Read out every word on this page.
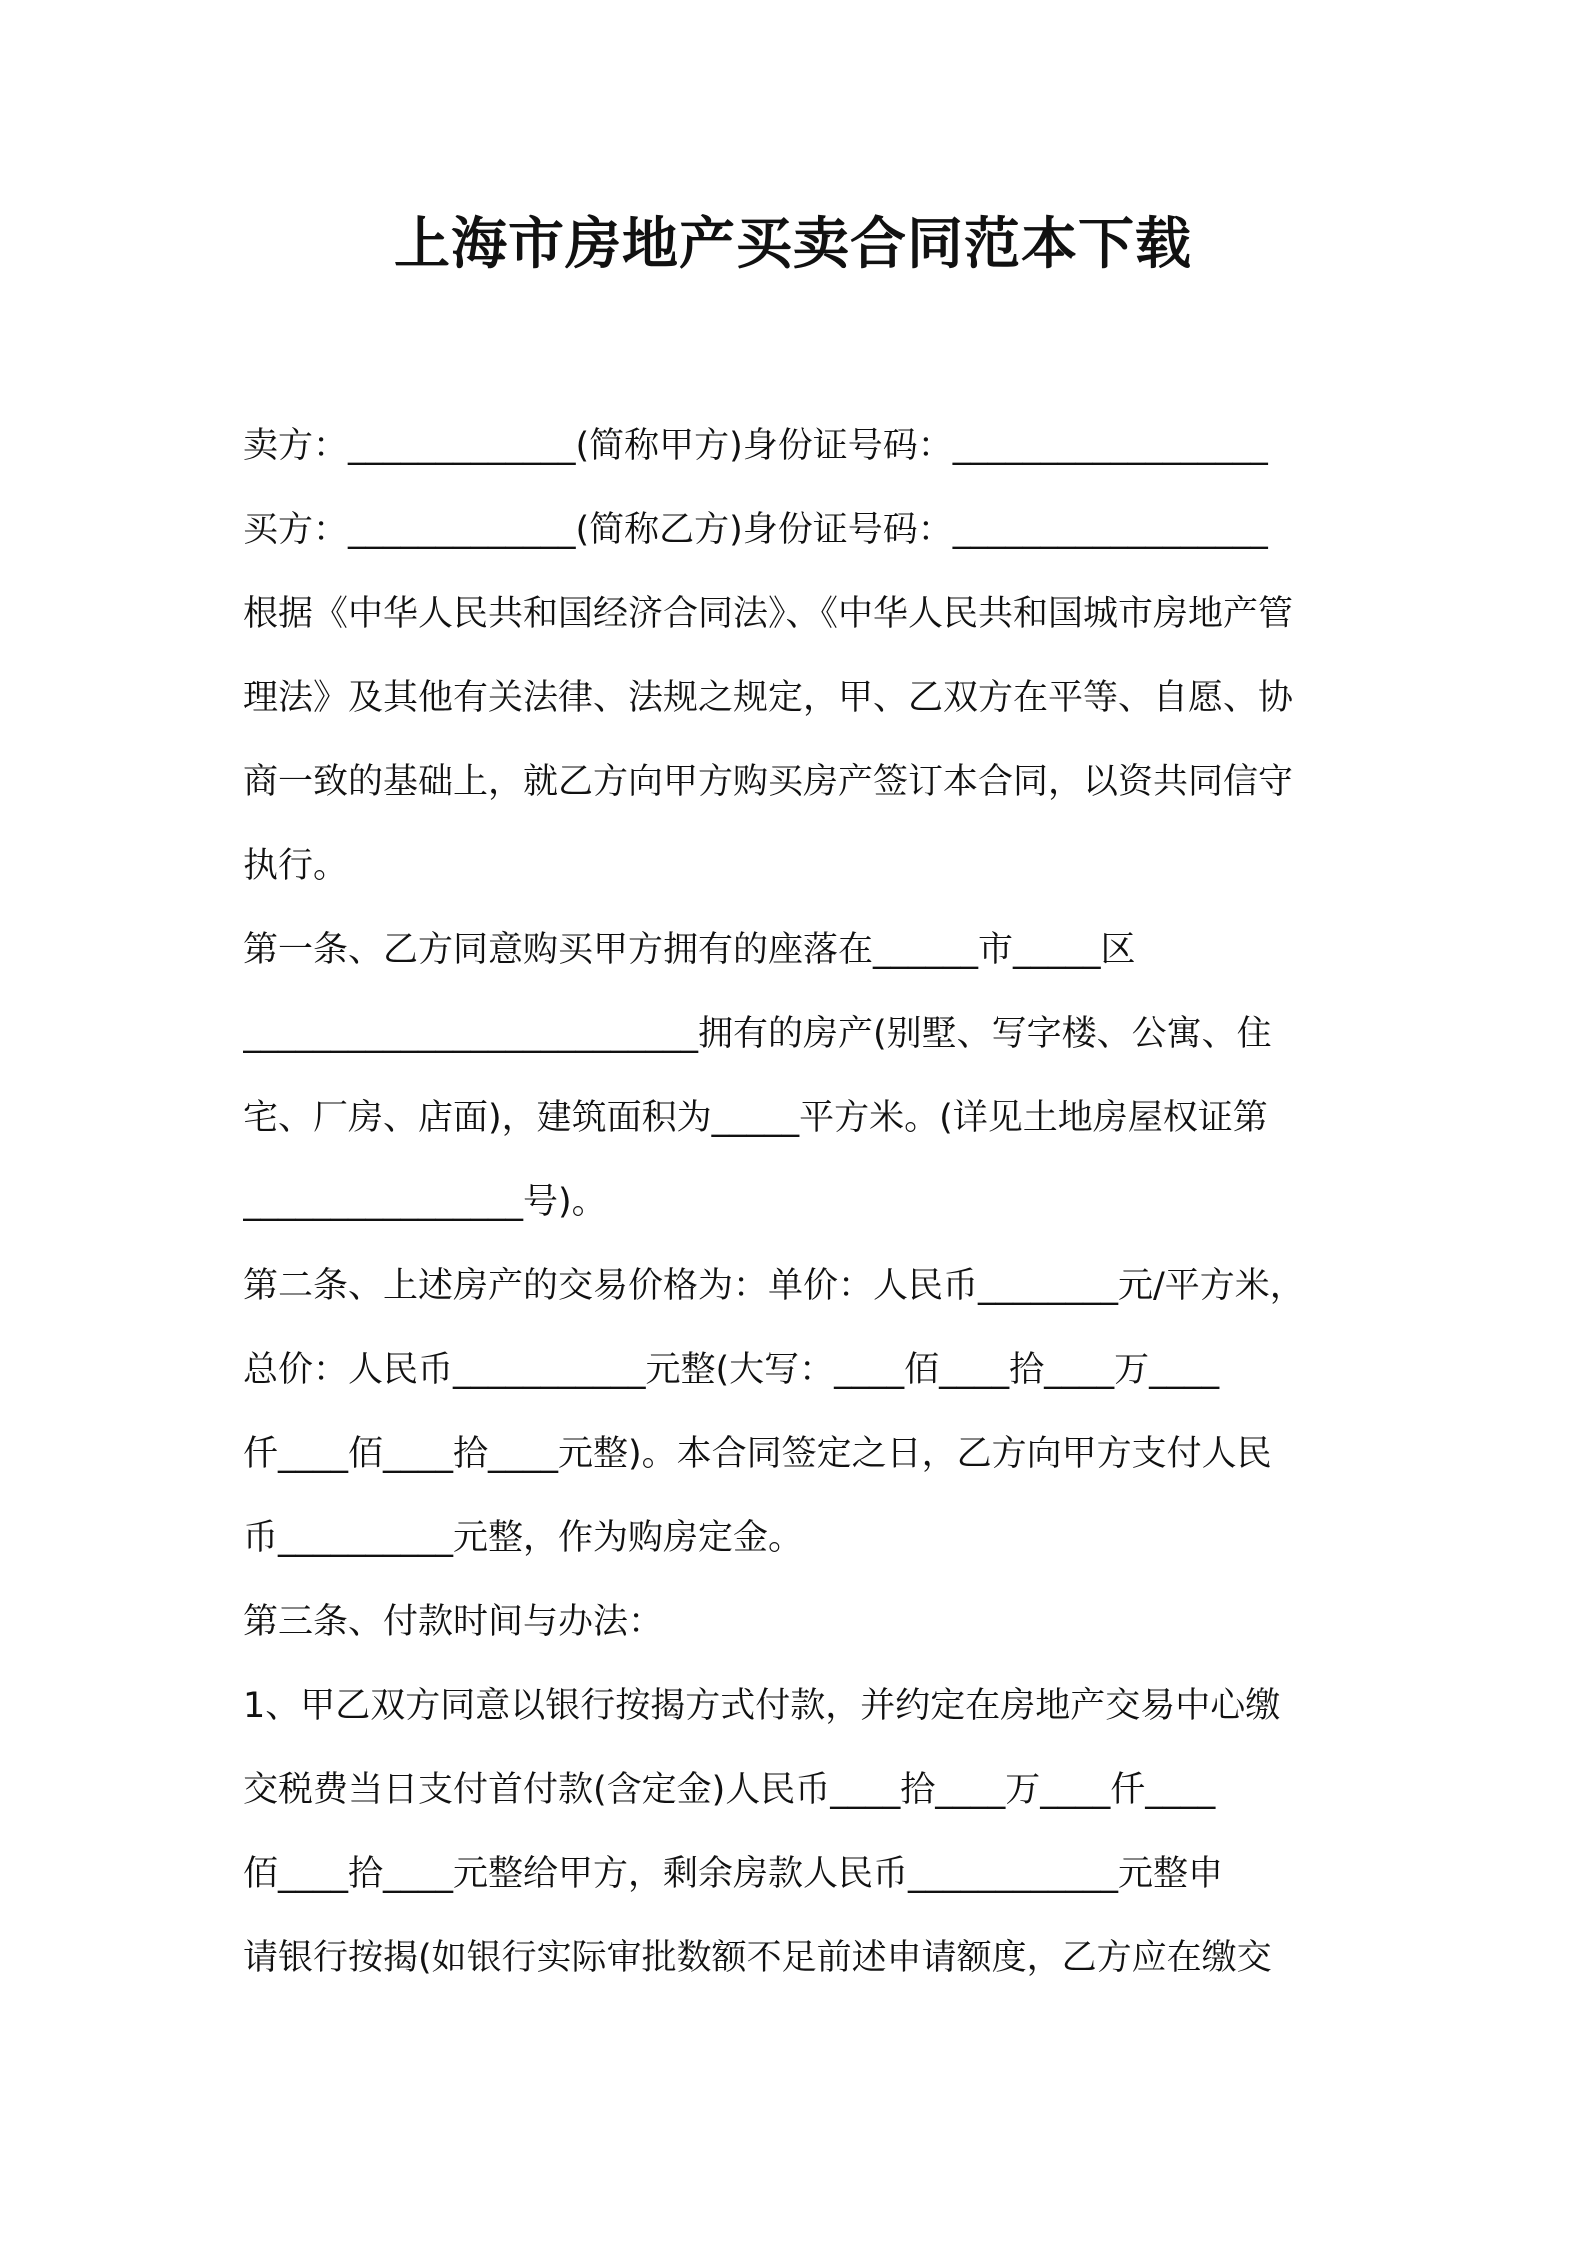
上海市房地产买卖合同范本下载
卖方：_____________(简称甲方)身份证号码：__________________
买方：_____________(简称乙方)身份证号码：__________________
根据《中华人民共和国经济合同法》、《中华人民共和国城市房地产管
理法》及其他有关法律、法规之规定，甲、乙双方在平等、自愿、协
商一致的基础上，就乙方向甲方购买房产签订本合同，以资共同信守
执行。
第一条、乙方同意购买甲方拥有的座落在______市_____区
__________________________拥有的房产(别墅、写字楼、公寓、住
宅、厂房、店面)，建筑面积为_____平方米。(详见土地房屋权证第
________________号)。
第二条、上述房产的交易价格为：单价：人民币________元/平方米，
总价：人民币___________元整(大写：____佰____拾____万____
仟____佰____拾____元整)。本合同签定之日，乙方向甲方支付人民
币__________元整，作为购房定金。
第三条、付款时间与办法：
1、甲乙双方同意以银行按揭方式付款，并约定在房地产交易中心缴
交税费当日支付首付款(含定金)人民币____拾____万____仟____
佰____拾____元整给甲方，剩余房款人民币____________元整申
请银行按揭(如银行实际审批数额不足前述申请额度，乙方应在缴交
